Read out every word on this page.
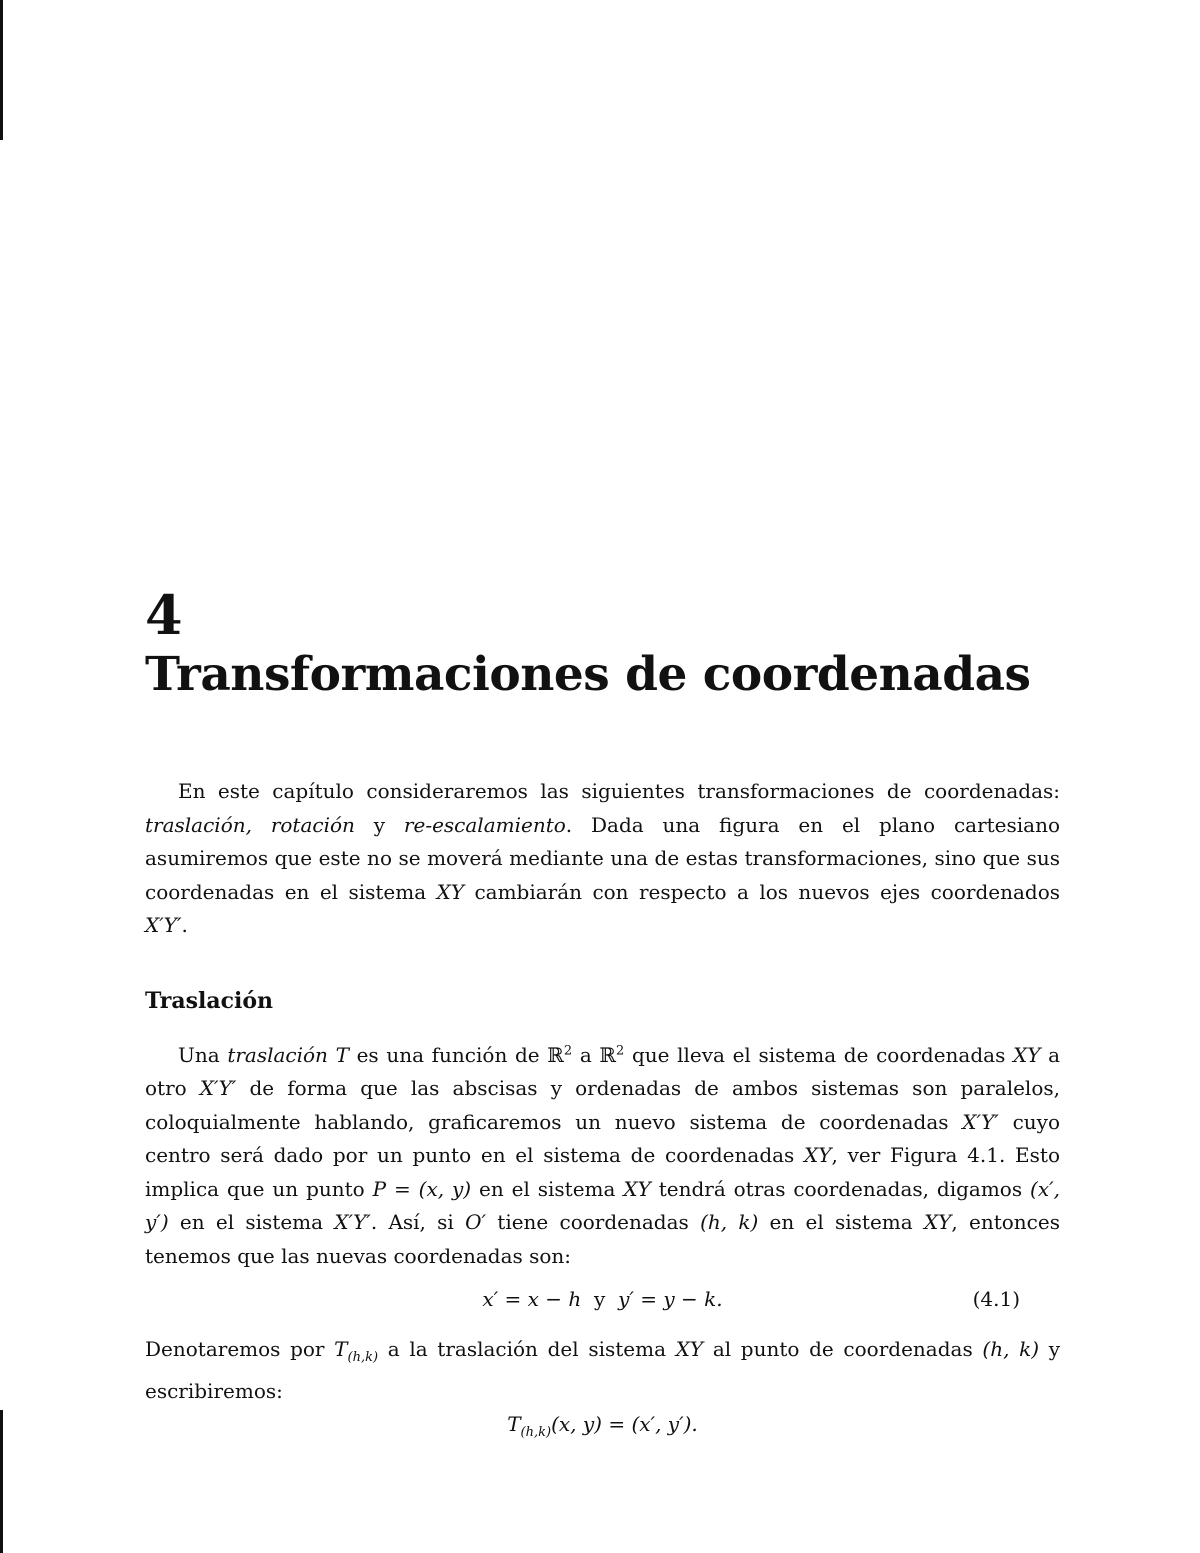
4
Transformaciones de coordenadas

En este capítulo consideraremos las siguientes transformaciones de coordenadas: traslación, rotación y re-escalamiento. Dada una figura en el plano cartesiano asumiremos que este no se moverá mediante una de estas transformaciones, sino que sus coordenadas en el sistema XY cambiarán con respecto a los nuevos ejes coordenados X′Y′.

Traslación

Una traslación T es una función de ℝ$^2$ a ℝ$^2$ que lleva el sistema de coordenadas XY a otro X′Y′ de forma que las abscisas y ordenadas de ambos sistemas son paralelos, coloquialmente hablando, graficaremos un nuevo sistema de coordenadas X′Y′ cuyo centro será dado por un punto en el sistema de coordenadas XY, ver Figura 4.1. Esto implica que un punto P = (x, y) en el sistema XY tendrá otras coordenadas, digamos (x′, y′) en el sistema X′Y′. Así, si O′ tiene coordenadas (h, k) en el sistema XY, entonces tenemos que las nuevas coordenadas son:

x′ = x − h y y′ = y − k.	(4.1)

Denotaremos por $T_{(h,k)}$ a la traslación del sistema XY al punto de coordenadas (h, k) y escribiremos:

$T_{(h,k)}(x$, y) = (x′, y′).
